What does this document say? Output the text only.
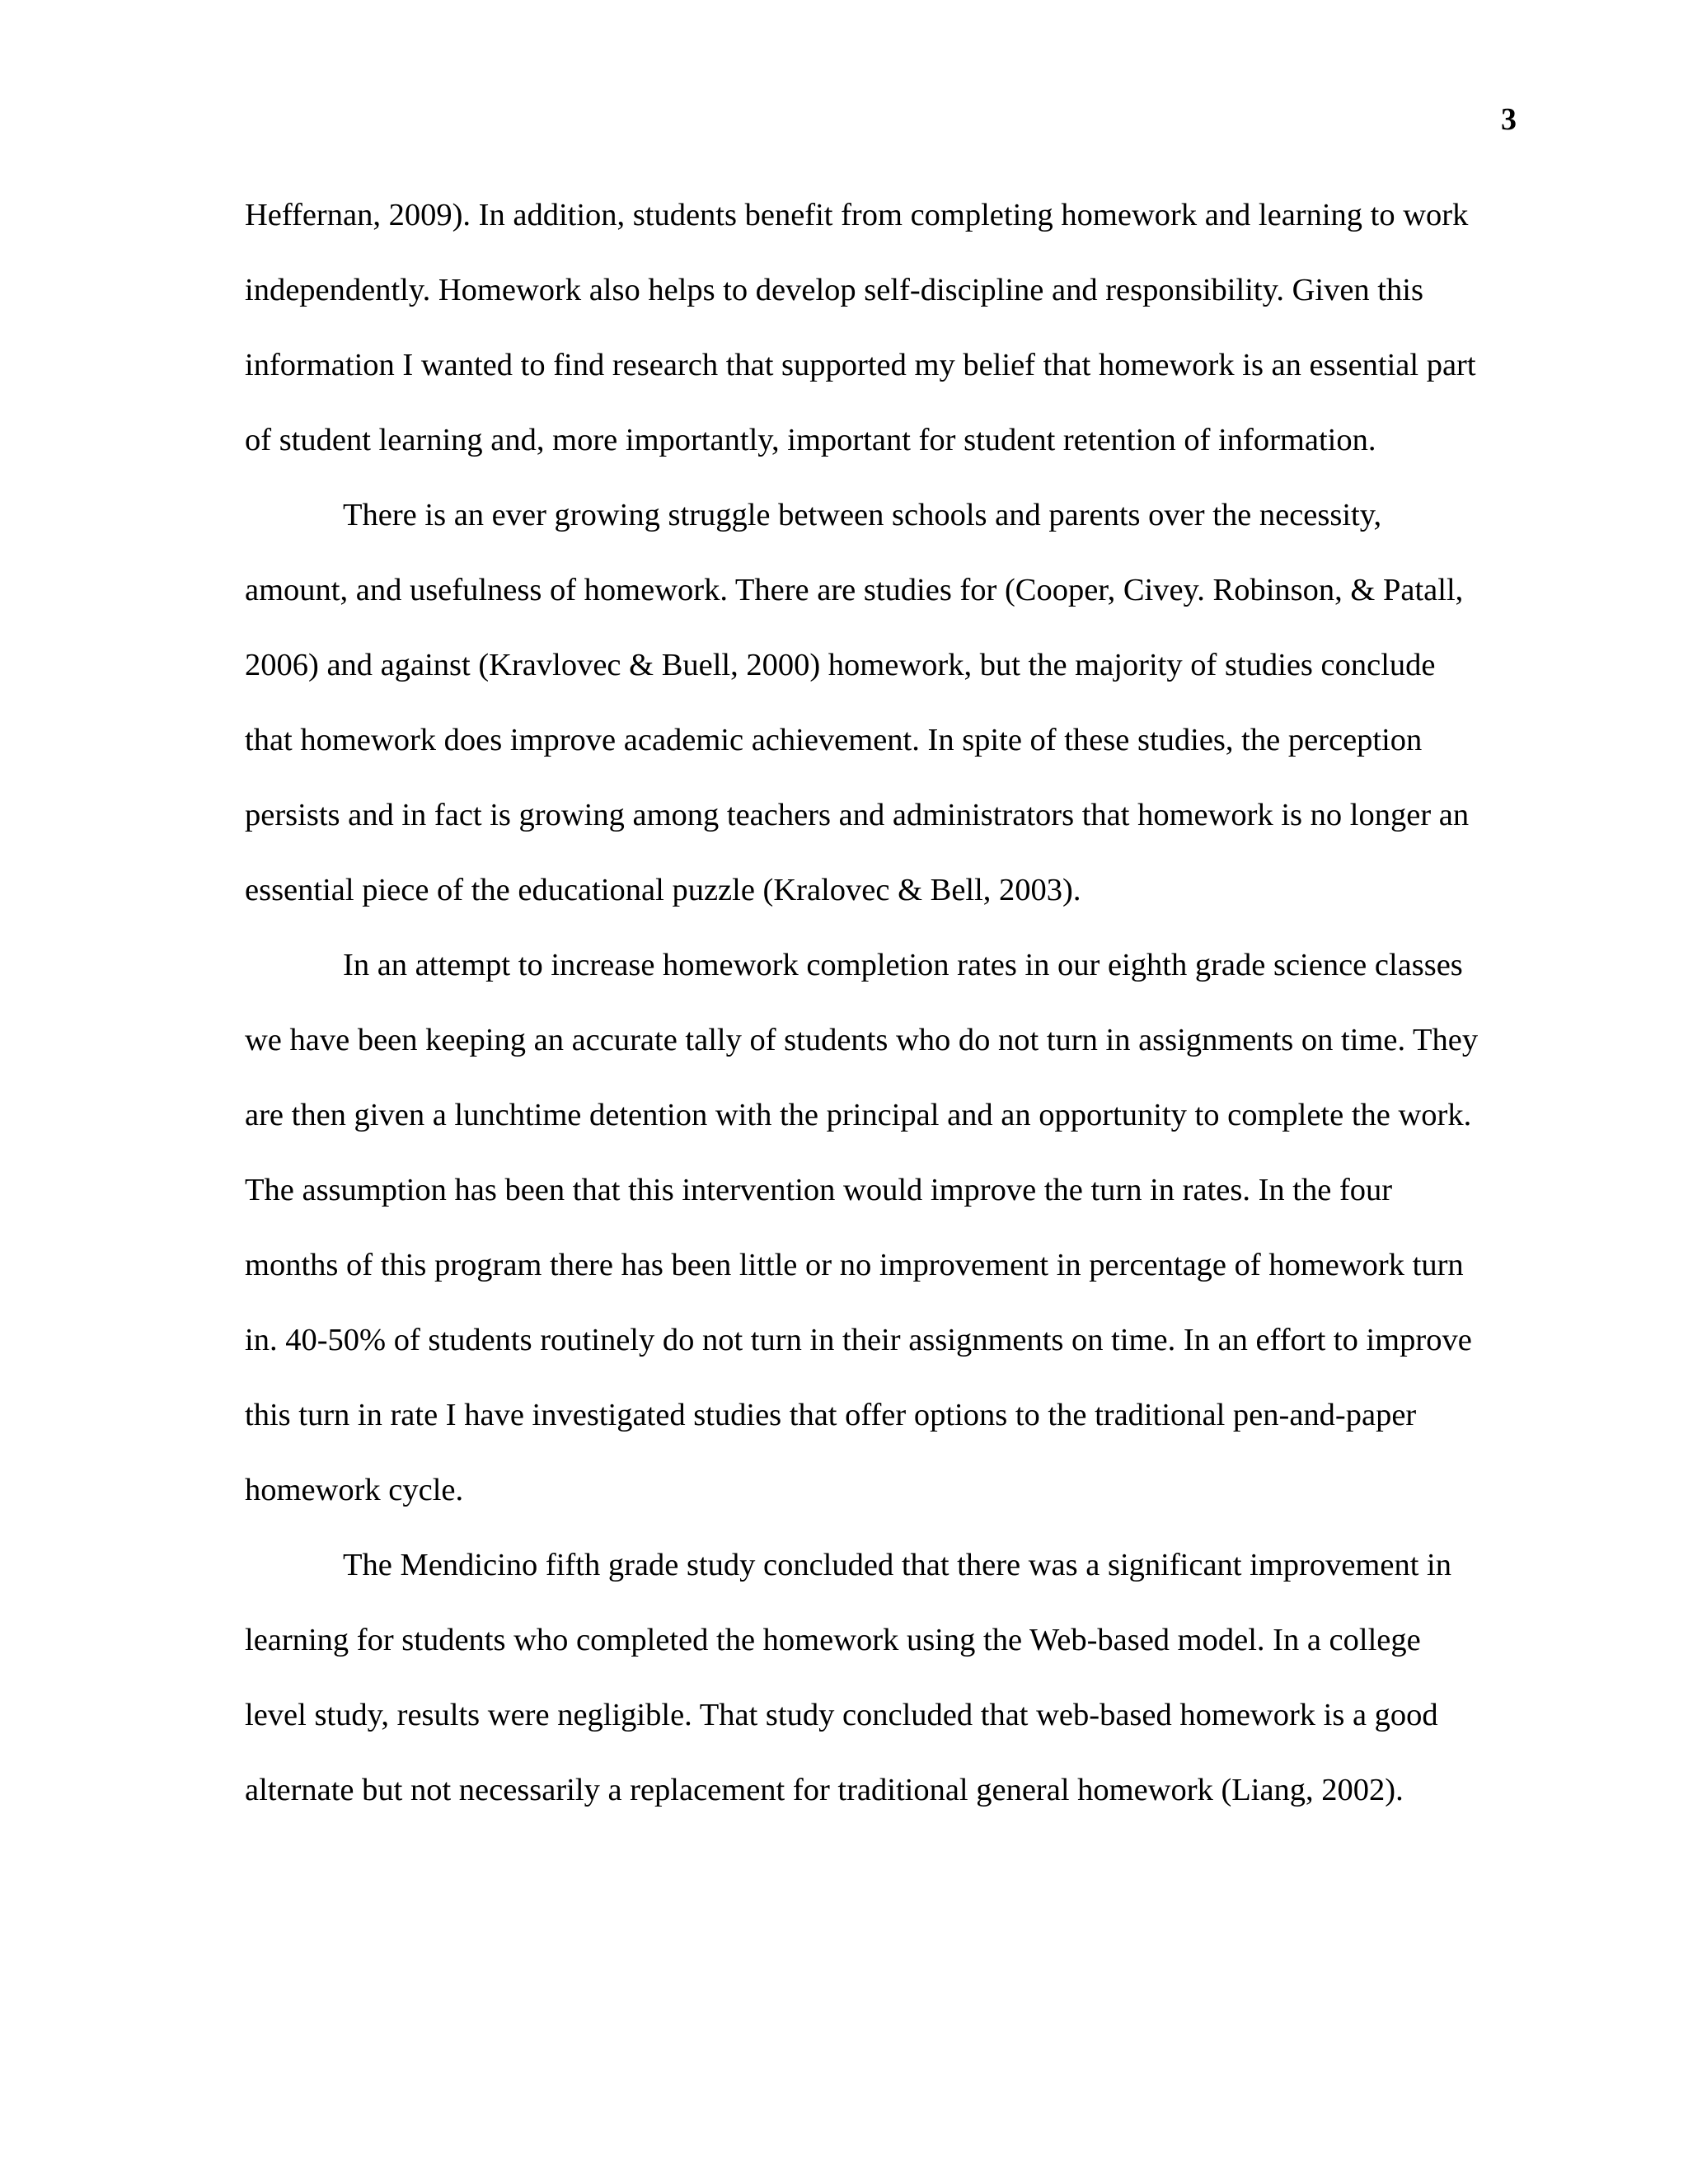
3
Heffernan, 2009). In addition, students benefit from completing homework and learning to work
independently. Homework also helps to develop self-discipline and responsibility. Given this
information I wanted to find research that supported my belief that homework is an essential part
of student learning and, more importantly, important for student retention of information.
There is an ever growing struggle between schools and parents over the necessity,
amount, and usefulness of homework. There are studies for (Cooper, Civey. Robinson, & Patall,
2006) and against (Kravlovec & Buell, 2000) homework, but the majority of studies conclude
that homework does improve academic achievement. In spite of these studies, the perception
persists and in fact is growing among teachers and administrators that homework is no longer an
essential piece of the educational puzzle (Kralovec & Bell, 2003).
In an attempt to increase homework completion rates in our eighth grade science classes
we have been keeping an accurate tally of students who do not turn in assignments on time. They
are then given a lunchtime detention with the principal and an opportunity to complete the work.
The assumption has been that this intervention would improve the turn in rates. In the four
months of this program there has been little or no improvement in percentage of homework turn
in. 40-50% of students routinely do not turn in their assignments on time. In an effort to improve
this turn in rate I have investigated studies that offer options to the traditional pen-and-paper
homework cycle.
The Mendicino fifth grade study concluded that there was a significant improvement in
learning for students who completed the homework using the Web-based model. In a college
level study, results were negligible. That study concluded that web-based homework is a good
alternate but not necessarily a replacement for traditional general homework (Liang, 2002).
